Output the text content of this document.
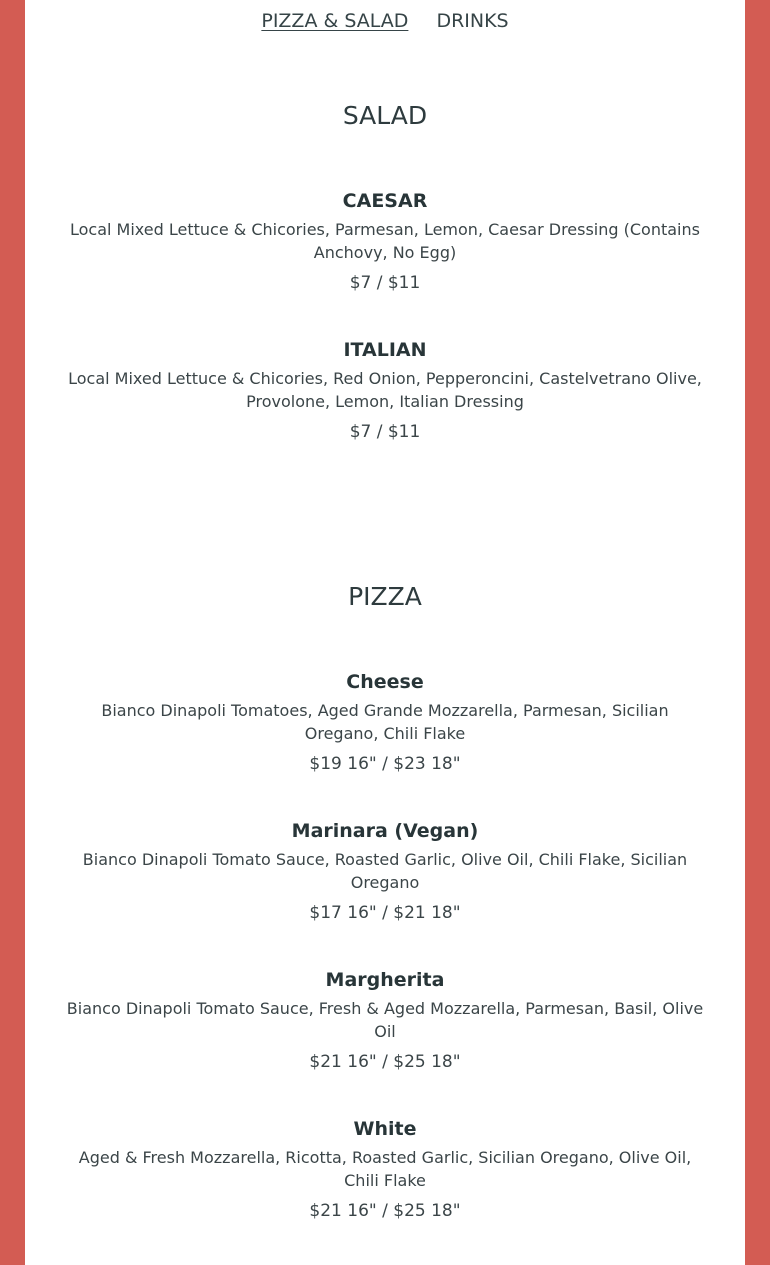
PIZZA & SALAD DRINKS
SALAD

CAESAR

Local Mixed Lettuce & Chicories, Parmesan, Lemon, Caesar Dressing (Contains Anchovy, No Egg)

$7 / $11

ITALIAN

Local Mixed Lettuce & Chicories, Red Onion, Pepperoncini, Castelvetrano Olive, Provolone, Lemon, Italian Dressing

$7 / $11

PIZZA

Cheese

Bianco Dinapoli Tomatoes, Aged Grande Mozzarella, Parmesan, Sicilian Oregano, Chili Flake

$19 16" / $23 18"

Marinara (Vegan)

Bianco Dinapoli Tomato Sauce, Roasted Garlic, Olive Oil, Chili Flake, Sicilian Oregano

$17 16" / $21 18"

Margherita

Bianco Dinapoli Tomato Sauce, Fresh & Aged Mozzarella, Parmesan, Basil, Olive Oil

$21 16" / $25 18"

White

Aged & Fresh Mozzarella, Ricotta, Roasted Garlic, Sicilian Oregano, Olive Oil, Chili Flake

$21 16" / $25 18"
